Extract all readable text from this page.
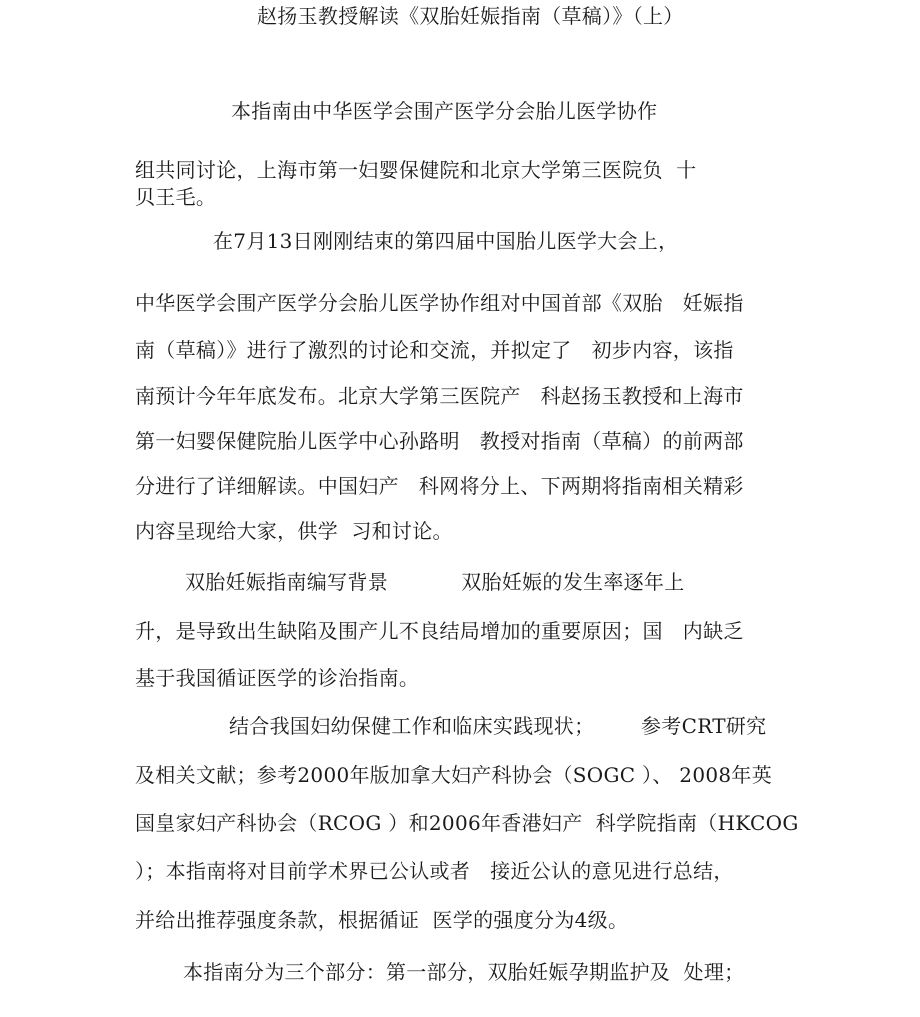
赵扬玉教授解读《双胎妊娠指南（草稿）》（上）
本指南由中华医学会围产医学分会胎儿医学协作
组共同讨论，上海市第一妇婴保健院和北京大学第三医院负  十
贝王毛。
在7月13日刚刚结束的第四届中国胎儿医学大会上，
中华医学会围产医学分会胎儿医学协作组对中国首部《双胎   妊娠指
南（草稿）》进行了激烈的讨论和交流，并拟定了   初步内容，该指
南预计今年年底发布。北京大学第三医院产   科赵扬玉教授和上海市
第一妇婴保健院胎儿医学中心孙路明   教授对指南（草稿）的前两部
分进行了详细解读。中国妇产   科网将分上、下两期将指南相关精彩
内容呈现给大家，供学  习和讨论。
双胎妊娠指南编写背景           双胎妊娠的发生率逐年上
升，是导致出生缺陷及围产儿不良结局增加的重要原因；国   内缺乏
基于我国循证医学的诊治指南。
结合我国妇幼保健工作和临床实践现状；       参考CRT研究
及相关文献；参考2000年版加拿大妇产科协会（SOGC ）、 2008年英
国皇家妇产科协会（RCOG ）和2006年香港妇产  科学院指南（HKCOG
）；本指南将对目前学术界已公认或者   接近公认的意见进行总结，
并给出推荐强度条款，根据循证  医学的强度分为4级。
本指南分为三个部分：第一部分，双胎妊娠孕期监护及  处理；
